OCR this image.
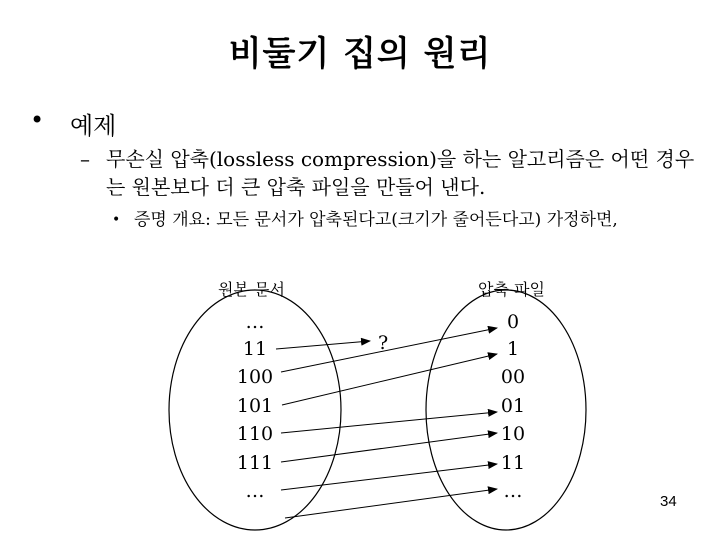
비둘기 집의 원리
• 예제
– 무손실 압축(lossless compression)을 하는 알고리즘은 어떤 경우는 원본보다 더 큰 압축 파일을 만들어 낸다.
• 증명 개요: 모든 문서가 압축된다고(크기가 줄어든다고) 가정하면,
원본 문서	압축 파일
…
11
100
101
110
111
…
0
1
00
01
10
11
…
?
34
